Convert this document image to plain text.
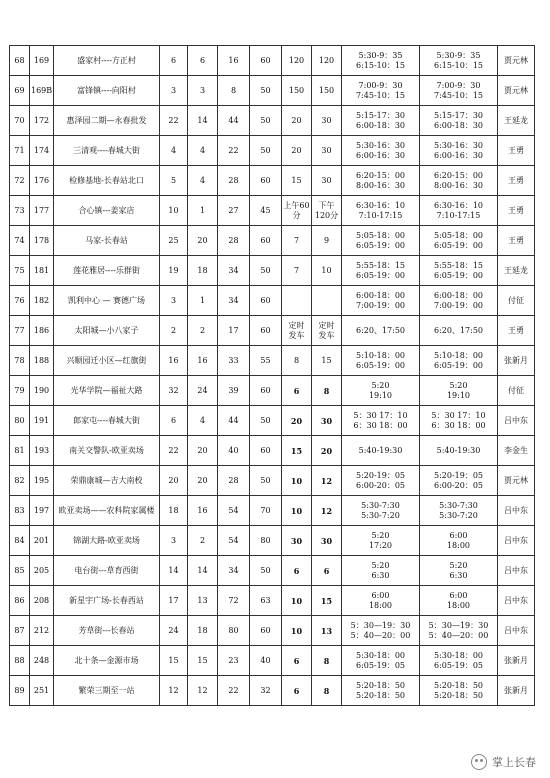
68	169	盛家村----方正村	6	6	16	60	120	120	5:30-9：35
6:15-10：15	5:30-9：35
6:15-10：15	贾元林
69	169B	富锋镇----向阳村	3	3	8	50	150	150	7:00-9：30
7:45-10：15	7:00-9：30
7:45-10：15	贾元林
70	172	惠泽园二期—永春批发	22	14	44	50	20	30	5:15-17：30
6:00-18：30	5:15-17：30
6:00-18：30	王延龙
71	174	三清观----春城大街	4	4	22	50	20	30	5:30-16：30
6:00-16：30	5:30-16：30
6:00-16：30	王勇
72	176	检修基地-长春站北口	5	4	28	60	15	30	6:20-15：00
8:00-16：30	6:20-15：00
8:00-16：30	王勇
73	177	合心镇---姜家店	10	1	27	45	上午60分	下午120分	6:30-16：10
7:10-17:15	6:30-16：10
7:10-17:15	王勇
74	178	马家-长春站	25	20	28	60	7	9	5:05-18：00
6:05-19：00	5:05-18：00
6:05-19：00	王勇
75	181	莲花雅居----乐群街	19	18	34	50	7	10	5:55-18：15
6:05-19：00	5:55-18：15
6:05-19：00	王延龙
76	182	凯利中心 — 赛德广场	3	1	34	60			6:00-18：00
7:00-19：00	6:00-18：00
7:00-19：00	付征
77	186	太阳城—小八家子	2	2	17	60	定时
发车	定时
发车	6:20、17:50	6:20、17:50	王勇
78	188	兴顺园迁小区—红旗街	16	16	33	55	8	15	5:10-18：00
6:05-19：00	5:10-18：00
6:05-19：00	张新月
79	190	光华学院—福祉大路	32	24	39	60	6	8	5:20
19:10	5:20
19:10	付征
80	191	郎家屯----春城大街	6	4	44	50	20	30	5：30 17：10
6：30 18：00	5：30 17：10
6：30 18：00	吕中东
81	193	南关交警队-欧亚卖场	22	20	40	60	15	20	5:40-19:30	5:40-19:30	李金生
82	195	荣鼎康城—吉大南校	20	20	28	50	10	12	5:20-19：05
6:00-20：05	5:20-19：05
6:00-20：05	贾元林
83	197	欧亚卖场——农科院家属楼	18	16	54	70	10	12	5:30-7:30
5:30-7:20	5:30-7:30
5:30-7:20	吕中东
84	201	锦湖大路-欧亚卖场	3	2	54	80	30	30	5:20
17:20	6:00
18:00	吕中东
85	205	电台街---草育西街	14	14	34	50	6	6	5:20
6:30	5:20
6:30	吕中东
86	208	新星宇广场-长春西站	17	13	72	63	10	15	6:00
18:00	6:00
18:00	吕中东
87	212	芳草街---长春站	24	18	80	60	10	13	5：30—19：30
5：40—20：00	5：30—19：30
5：40—20：00	吕中东
88	248	北十条—金源市场	15	15	23	40	6	8	5:30-18：00
6:05-19：05	5:30-18：00
6:05-19：05	张新月
89	251	繁荣三期至一站	12	12	22	32	6	8	5:20-18：50
5:20-18：50	5:20-18：50
5:20-18：50	张新月
掌上长春
